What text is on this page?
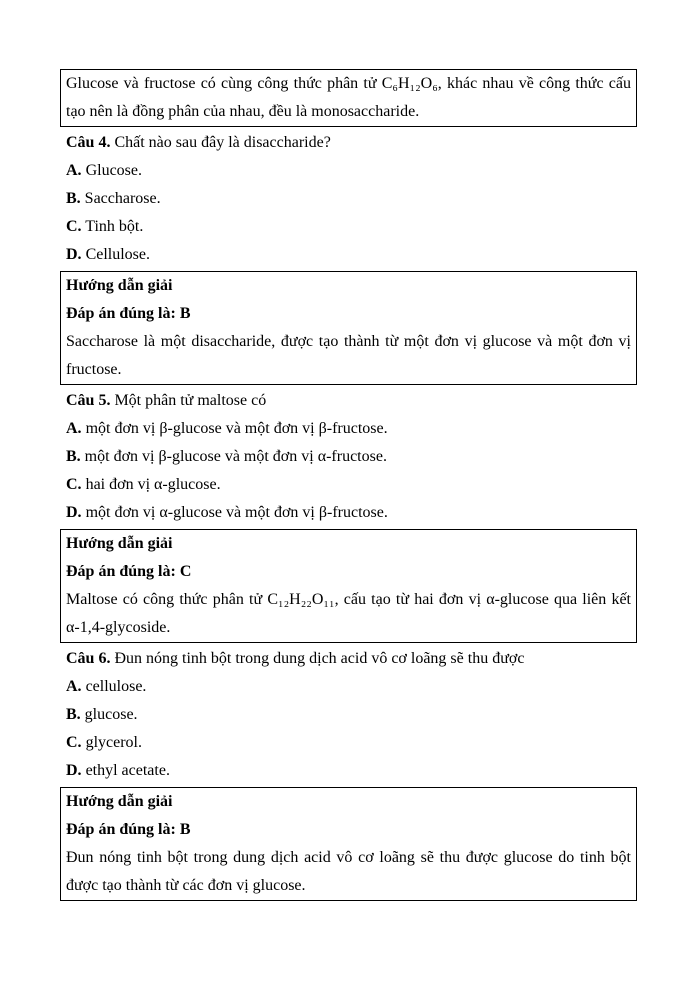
Glucose và fructose có cùng công thức phân tử C₆H₁₂O₆, khác nhau về công thức cấu tạo nên là đồng phân của nhau, đều là monosaccharide.

Câu 4. Chất nào sau đây là disaccharide?

A. Glucose.

B. Saccharose.

C. Tinh bột.

D. Cellulose.

Hướng dẫn giải

Đáp án đúng là: B

Saccharose là một disaccharide, được tạo thành từ một đơn vị glucose và một đơn vị fructose.

Câu 5. Một phân tử maltose có

A. một đơn vị β-glucose và một đơn vị β-fructose.

B. một đơn vị β-glucose và một đơn vị α-fructose.

C. hai đơn vị α-glucose.

D. một đơn vị α-glucose và một đơn vị β-fructose.

Hướng dẫn giải

Đáp án đúng là: C

Maltose có công thức phân tử C₁₂H₂₂O₁₁, cấu tạo từ hai đơn vị α-glucose qua liên kết α-1,4-glycoside.

Câu 6. Đun nóng tinh bột trong dung dịch acid vô cơ loãng sẽ thu được

A. cellulose.

B. glucose.

C. glycerol.

D. ethyl acetate.

Hướng dẫn giải

Đáp án đúng là: B

Đun nóng tinh bột trong dung dịch acid vô cơ loãng sẽ thu được glucose do tinh bột được tạo thành từ các đơn vị glucose.
